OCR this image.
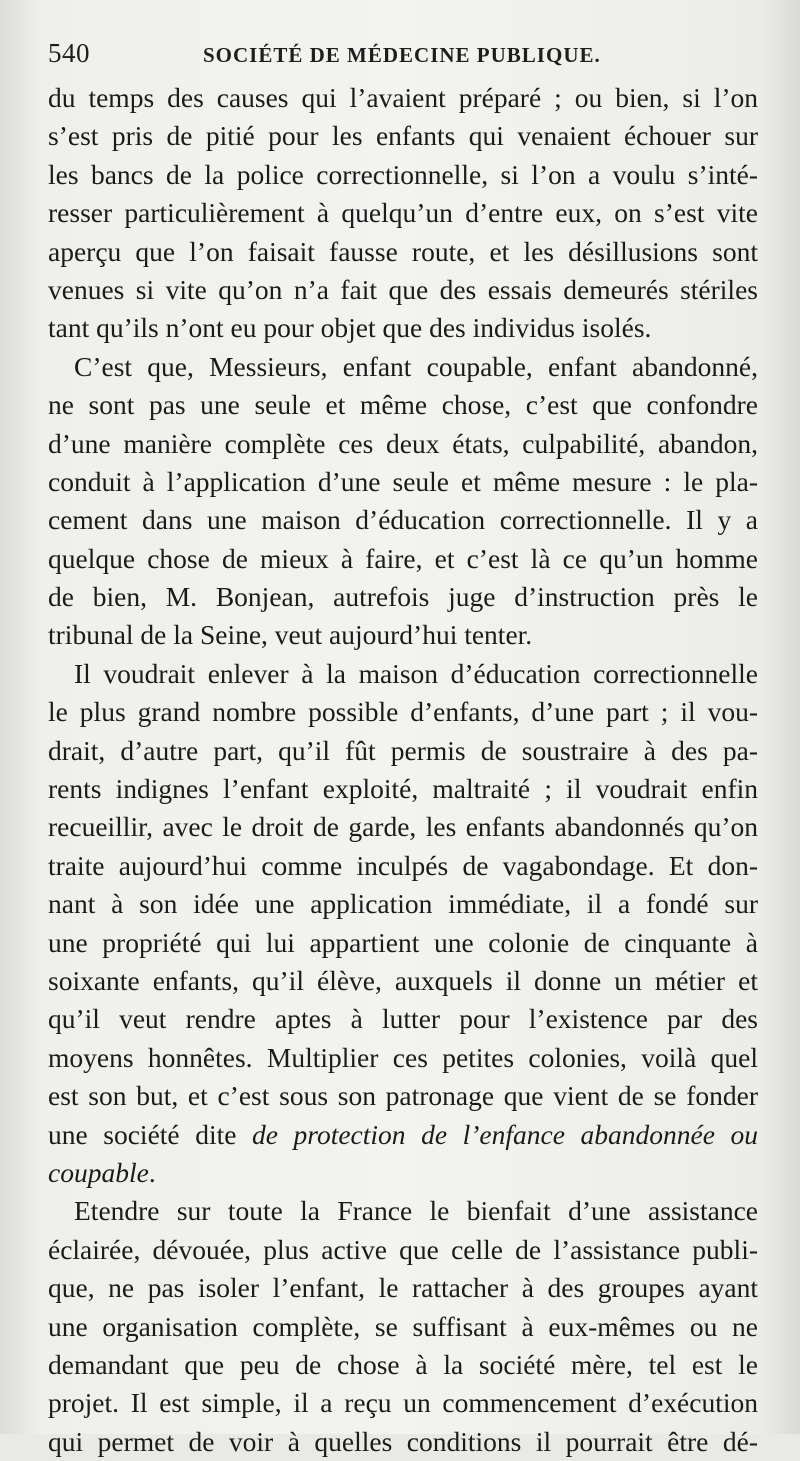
540	SOCIÉTÉ DE MÉDECINE PUBLIQUE.
du temps des causes qui l’avaient préparé ; ou bien, si l’on
s’est pris de pitié pour les enfants qui venaient échouer sur
les bancs de la police correctionnelle, si l’on a voulu s’inté-
resser particulièrement à quelqu’un d’entre eux, on s’est vite
aperçu que l’on faisait fausse route, et les désillusions sont
venues si vite qu’on n’a fait que des essais demeurés stériles
tant qu’ils n’ont eu pour objet que des individus isolés.
C’est que, Messieurs, enfant coupable, enfant abandonné,
ne sont pas une seule et même chose, c’est que confondre
d’une manière complète ces deux états, culpabilité, abandon,
conduit à l’application d’une seule et même mesure : le pla-
cement dans une maison d’éducation correctionnelle. Il y a
quelque chose de mieux à faire, et c’est là ce qu’un homme
de bien, M. Bonjean, autrefois juge d’instruction près le
tribunal de la Seine, veut aujourd’hui tenter.
Il voudrait enlever à la maison d’éducation correctionnelle
le plus grand nombre possible d’enfants, d’une part ; il vou-
drait, d’autre part, qu’il fût permis de soustraire à des pa-
rents indignes l’enfant exploité, maltraité ; il voudrait enfin
recueillir, avec le droit de garde, les enfants abandonnés qu’on
traite aujourd’hui comme inculpés de vagabondage. Et don-
nant à son idée une application immédiate, il a fondé sur
une propriété qui lui appartient une colonie de cinquante à
soixante enfants, qu’il élève, auxquels il donne un métier et
qu’il veut rendre aptes à lutter pour l’existence par des
moyens honnêtes. Multiplier ces petites colonies, voilà quel
est son but, et c’est sous son patronage que vient de se fonder
une société dite de protection de l’enfance abandonnée ou
coupable.
Etendre sur toute la France le bienfait d’une assistance
éclairée, dévouée, plus active que celle de l’assistance publi-
que, ne pas isoler l’enfant, le rattacher à des groupes ayant
une organisation complète, se suffisant à eux-mêmes ou ne
demandant que peu de chose à la société mère, tel est le
projet. Il est simple, il a reçu un commencement d’exécution
qui permet de voir à quelles conditions il pourrait être dé-
